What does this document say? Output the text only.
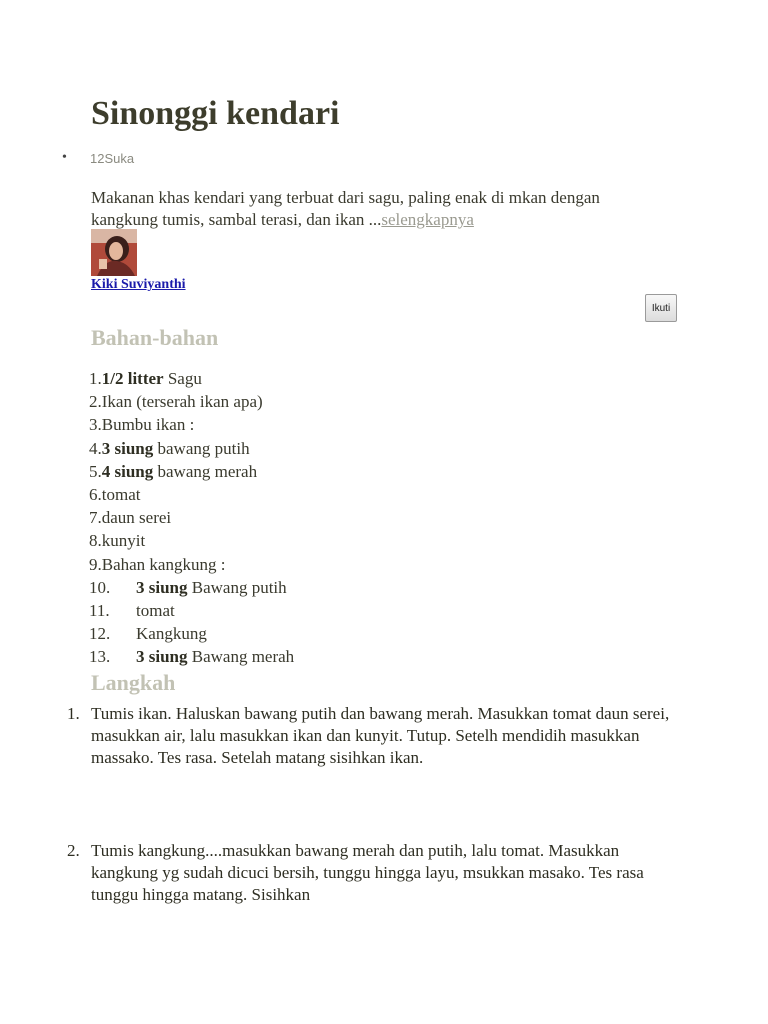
Sinonggi kendari
• 12Suka

Makanan khas kendari yang terbuat dari sagu, paling enak di mkan dengan kangkung tumis, sambal terasi, dan ikan ...selengkapnya

Kiki Suviyanthi
Ikuti
Bahan-bahan
1.1/2 litter Sagu
2.Ikan (terserah ikan apa)
3.Bumbu ikan :
4.3 siung bawang putih
5.4 siung bawang merah
6.tomat
7.daun serei
8.kunyit
9.Bahan kangkung :
10. 3 siung Bawang putih
11. tomat
12. Kangkung
13. 3 siung Bawang merah
Langkah
1. Tumis ikan. Haluskan bawang putih dan bawang merah. Masukkan tomat daun serei, masukkan air, lalu masukkan ikan dan kunyit. Tutup. Setelh mendidih masukkan massako. Tes rasa. Setelah matang sisihkan ikan.
2. Tumis kangkung....masukkan bawang merah dan putih, lalu tomat. Masukkan kangkung yg sudah dicuci bersih, tunggu hingga layu, msukkan masako. Tes rasa tunggu hingga matang. Sisihkan
